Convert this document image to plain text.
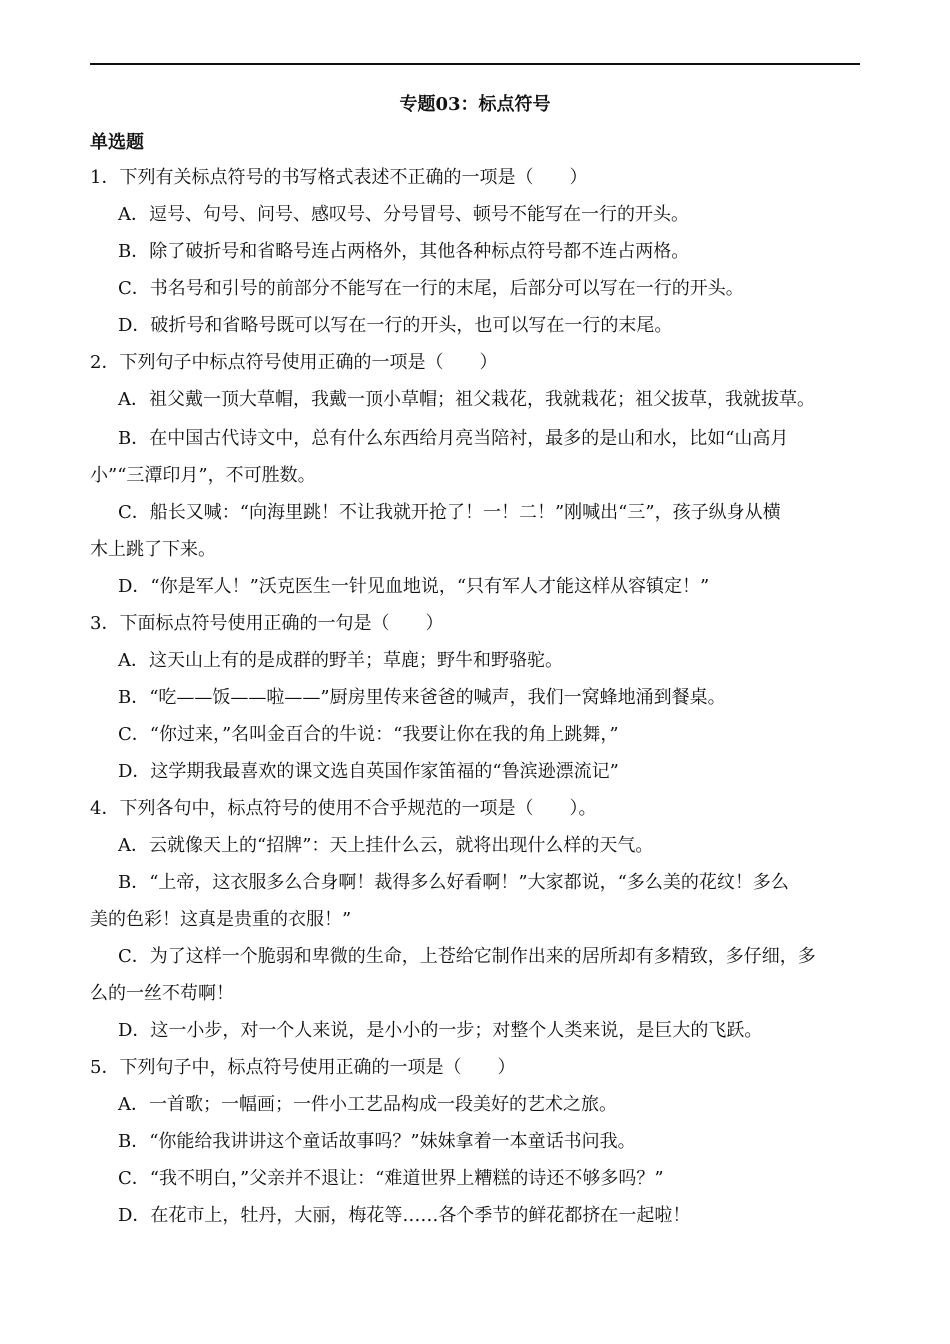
专题03：标点符号
单选题
1．下列有关标点符号的书写格式表述不正确的一项是（　　）
A．逗号、句号、问号、感叹号、分号冒号、顿号不能写在一行的开头。
B．除了破折号和省略号连占两格外，其他各种标点符号都不连占两格。
C．书名号和引号的前部分不能写在一行的末尾，后部分可以写在一行的开头。
D．破折号和省略号既可以写在一行的开头，也可以写在一行的末尾。
2．下列句子中标点符号使用正确的一项是（　　）
A．祖父戴一顶大草帽，我戴一顶小草帽；祖父栽花，我就栽花；祖父拔草，我就拔草。
B．在中国古代诗文中，总有什么东西给月亮当陪衬，最多的是山和水，比如“山高月
小”“三潭印月”，不可胜数。
C．船长又喊：“向海里跳！不让我就开抢了！一！二！”刚喊出“三”，孩子纵身从横
木上跳了下来。
D．“你是军人！”沃克医生一针见血地说，“只有军人才能这样从容镇定！”
3．下面标点符号使用正确的一句是（　　）
A．这天山上有的是成群的野羊；草鹿；野牛和野骆驼。
B．“吃——饭——啦——”厨房里传来爸爸的喊声，我们一窝蜂地涌到餐桌。
C．“你过来，”名叫金百合的牛说：“我要让你在我的角上跳舞，”
D．这学期我最喜欢的课文选自英国作家笛福的“鲁滨逊漂流记”
4．下列各句中，标点符号的使用不合乎规范的一项是（　　）。
A．云就像天上的“招牌”：天上挂什么云，就将出现什么样的天气。
B．“上帝，这衣服多么合身啊！裁得多么好看啊！”大家都说，“多么美的花纹！多么
美的色彩！这真是贵重的衣服！”
C．为了这样一个脆弱和卑微的生命，上苍给它制作出来的居所却有多精致，多仔细，多
么的一丝不苟啊！
D．这一小步，对一个人来说，是小小的一步；对整个人类来说，是巨大的飞跃。
5．下列句子中，标点符号使用正确的一项是（　　）
A．一首歌；一幅画；一件小工艺品构成一段美好的艺术之旅。
B．“你能给我讲讲这个童话故事吗？”妹妹拿着一本童话书问我。
C．“我不明白，”父亲并不退让：“难道世界上糟糕的诗还不够多吗？”
D．在花市上，牡丹，大丽，梅花等……各个季节的鲜花都挤在一起啦！
